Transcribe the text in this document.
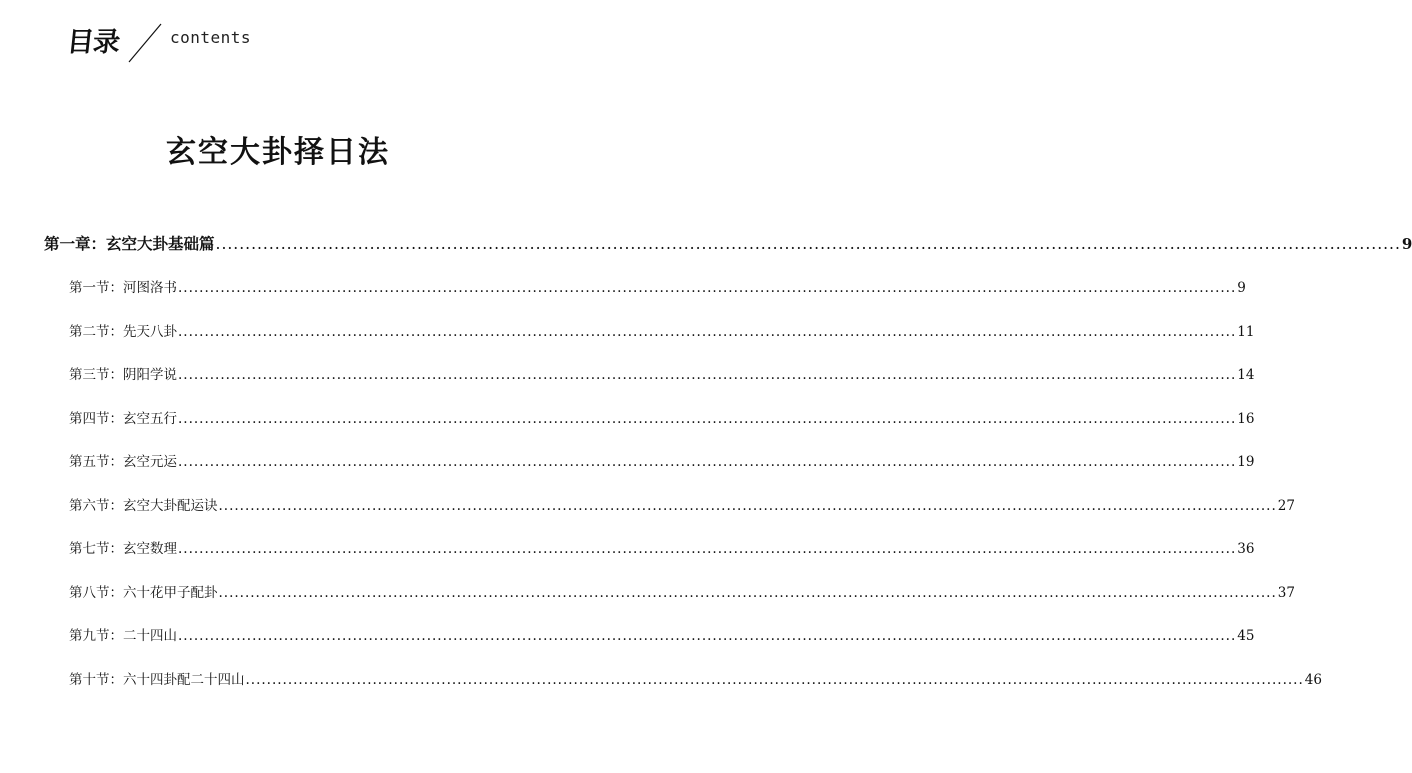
目录	contents
玄空大卦择日法
第一章：玄空大卦基础篇 ........................................................................................................................................................................................................ 9
第一节：河图洛书 ........................................................................................................................................................................................................ 9
第二节：先天八卦 ........................................................................................................................................................................................................ 11
第三节：阴阳学说 ........................................................................................................................................................................................................ 14
第四节：玄空五行 ........................................................................................................................................................................................................ 16
第五节：玄空元运 ........................................................................................................................................................................................................ 19
第六节：玄空大卦配运诀 ........................................................................................................................................................................................................ 27
第七节：玄空数理 ........................................................................................................................................................................................................ 36
第八节：六十花甲子配卦 ........................................................................................................................................................................................................ 37
第九节：二十四山 ........................................................................................................................................................................................................ 45
第十节：六十四卦配二十四山 ........................................................................................................................................................................................................ 46
